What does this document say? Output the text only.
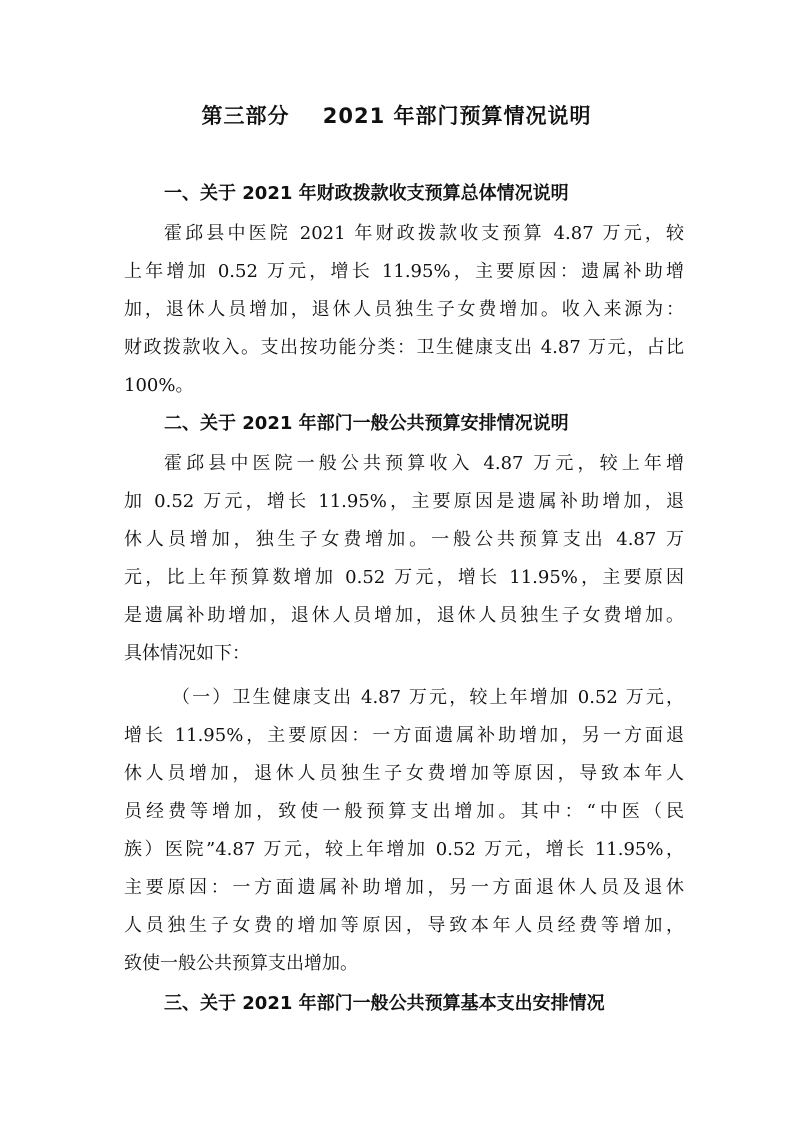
第三部分    2021 年部门预算情况说明
一、关于 2021 年财政拨款收支预算总体情况说明
霍邱县中医院 2021 年财政拨款收支预算 4.87 万元，较
上年增加 0.52 万元，增长 11.95%，主要原因：遗属补助增
加，退休人员增加，退休人员独生子女费增加。收入来源为：
财政拨款收入。支出按功能分类：卫生健康支出 4.87 万元，占比
100%。
二、关于 2021 年部门一般公共预算安排情况说明
霍邱县中医院一般公共预算收入 4.87 万元，较上年增
加 0.52 万元，增长 11.95%，主要原因是遗属补助增加，退
休人员增加，独生子女费增加。一般公共预算支出 4.87 万
元，比上年预算数增加 0.52 万元，增长 11.95%，主要原因
是遗属补助增加，退休人员增加，退休人员独生子女费增加。
具体情况如下：
（一）卫生健康支出 4.87 万元，较上年增加 0.52 万元，
增长 11.95%，主要原因：一方面遗属补助增加，另一方面退
休人员增加，退休人员独生子女费增加等原因，导致本年人
员经费等增加，致使一般预算支出增加。其中：“中医（民
族）医院”4.87 万元，较上年增加 0.52 万元，增长 11.95%，
主要原因：一方面遗属补助增加，另一方面退休人员及退休
人员独生子女费的增加等原因，导致本年人员经费等增加，
致使一般公共预算支出增加。
三、关于 2021 年部门一般公共预算基本支出安排情况
